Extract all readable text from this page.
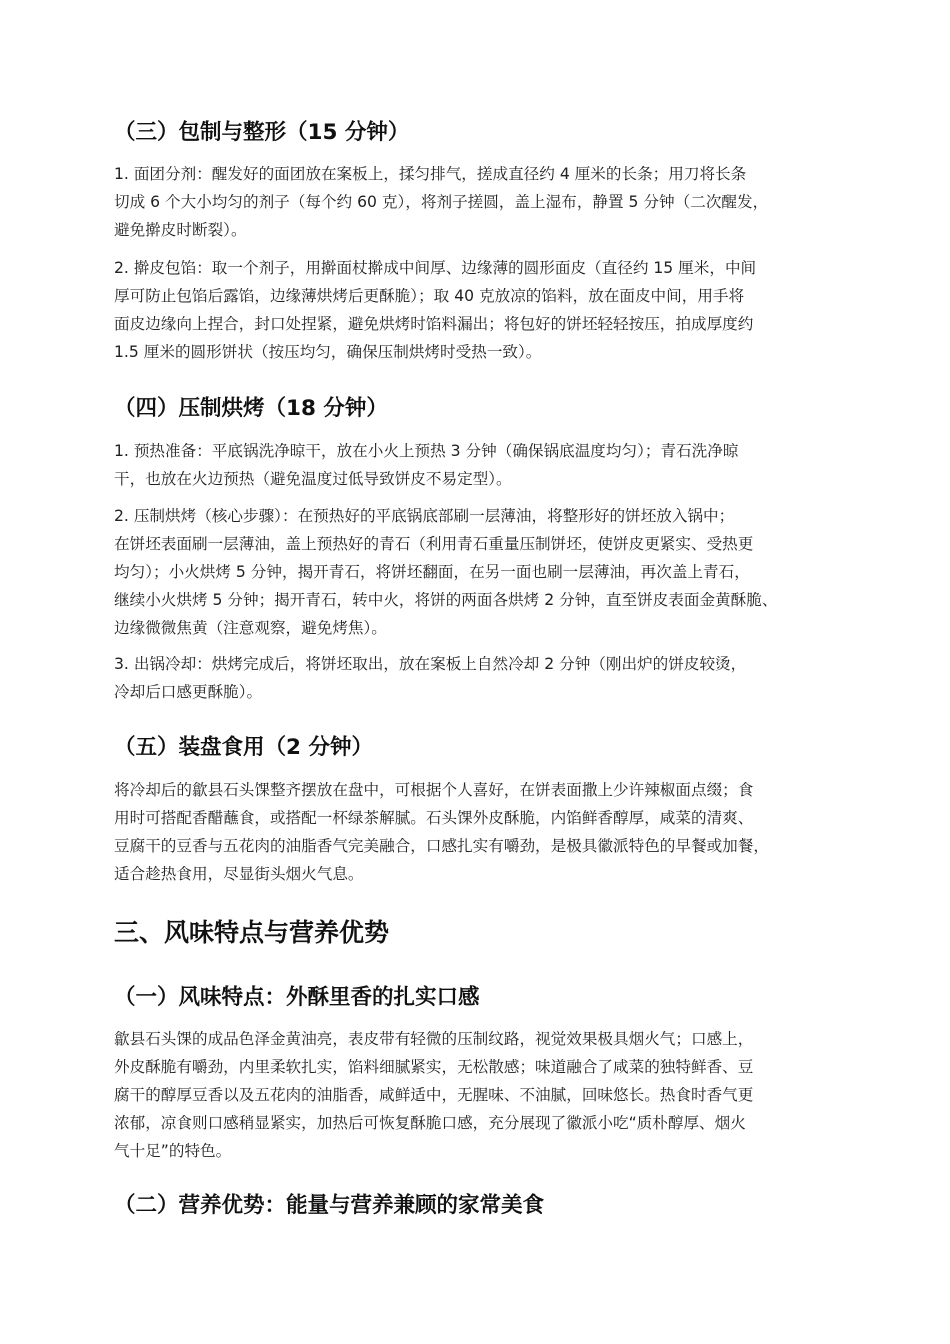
（三）包制与整形（15 分钟）
1. 面团分剂：醒发好的面团放在案板上，揉匀排气，搓成直径约 4 厘米的长条；用刀将长条
切成 6 个大小均匀的剂子（每个约 60 克），将剂子搓圆，盖上湿布，静置 5 分钟（二次醒发，
避免擀皮时断裂）。
2. 擀皮包馅：取一个剂子，用擀面杖擀成中间厚、边缘薄的圆形面皮（直径约 15 厘米，中间
厚可防止包馅后露馅，边缘薄烘烤后更酥脆）；取 40 克放凉的馅料，放在面皮中间，用手将
面皮边缘向上捏合，封口处捏紧，避免烘烤时馅料漏出；将包好的饼坯轻轻按压，拍成厚度约
1.5 厘米的圆形饼状（按压均匀，确保压制烘烤时受热一致）。
（四）压制烘烤（18 分钟）
1. 预热准备：平底锅洗净晾干，放在小火上预热 3 分钟（确保锅底温度均匀）；青石洗净晾
干，也放在火边预热（避免温度过低导致饼皮不易定型）。
2. 压制烘烤（核心步骤）：在预热好的平底锅底部刷一层薄油，将整形好的饼坯放入锅中；
在饼坯表面刷一层薄油，盖上预热好的青石（利用青石重量压制饼坯，使饼皮更紧实、受热更
均匀）；小火烘烤 5 分钟，揭开青石，将饼坯翻面，在另一面也刷一层薄油，再次盖上青石，
继续小火烘烤 5 分钟；揭开青石，转中火，将饼的两面各烘烤 2 分钟，直至饼皮表面金黄酥脆、
边缘微微焦黄（注意观察，避免烤焦）。
3. 出锅冷却：烘烤完成后，将饼坯取出，放在案板上自然冷却 2 分钟（刚出炉的饼皮较烫，
冷却后口感更酥脆）。
（五）装盘食用（2 分钟）
将冷却后的歙县石头馃整齐摆放在盘中，可根据个人喜好，在饼表面撒上少许辣椒面点缀；食
用时可搭配香醋蘸食，或搭配一杯绿茶解腻。石头馃外皮酥脆，内馅鲜香醇厚，咸菜的清爽、
豆腐干的豆香与五花肉的油脂香气完美融合，口感扎实有嚼劲，是极具徽派特色的早餐或加餐，
适合趁热食用，尽显街头烟火气息。
三、风味特点与营养优势
（一）风味特点：外酥里香的扎实口感
歙县石头馃的成品色泽金黄油亮，表皮带有轻微的压制纹路，视觉效果极具烟火气；口感上，
外皮酥脆有嚼劲，内里柔软扎实，馅料细腻紧实，无松散感；味道融合了咸菜的独特鲜香、豆
腐干的醇厚豆香以及五花肉的油脂香，咸鲜适中，无腥味、不油腻，回味悠长。热食时香气更
浓郁，凉食则口感稍显紧实，加热后可恢复酥脆口感，充分展现了徽派小吃“质朴醇厚、烟火
气十足”的特色。
（二）营养优势：能量与营养兼顾的家常美食
